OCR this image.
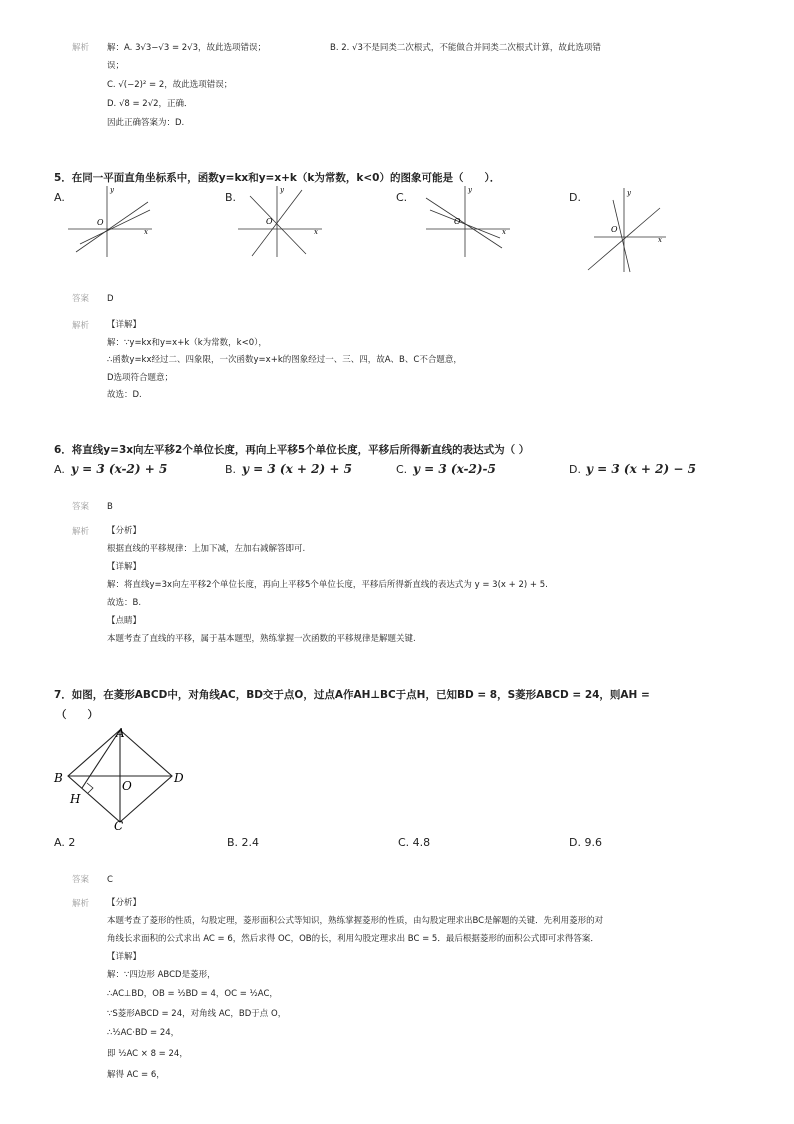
解析 解：A. 3√3−√3 = 2√3，故此选项错误；	B. 2. √3不是同类二次根式，不能做合并同类二次根式计算，故此选项错
误；
C. √(−2)² = 2，故此选项错误；
D. √8 = 2√2，正确．
因此正确答案为：D.
5．在同一平面直角坐标系中，函数y=kx和y=x+k（k为常数，k<0）的图象可能是（　　）．
A.	B.	C.	D.
x
y
O
x
y
O
x
y
O
x
y
O
答案 D
解析 【详解】
解：∵y=kx和y=x+k（k为常数，k<0），
∴函数y=kx经过二、四象限，一次函数y=x+k的图象经过一、三、四，故A、B、C不合题意，
D选项符合题意；
故选：D.
6．将直线y=3x向左平移2个单位长度，再向上平移5个单位长度，平移后所得新直线的表达式为（ ）
A. y = 3 (x-2) + 5	B. y = 3 (x + 2) + 5	C. y = 3 (x-2)-5	D. y = 3 (x + 2) − 5
答案 B
解析 【分析】
根据直线的平移规律：上加下减，左加右减解答即可.
【详解】
解：将直线y=3x向左平移2个单位长度，再向上平移5个单位长度，平移后所得新直线的表达式为 y = 3(x + 2) + 5.
故选：B.
【点睛】
本题考查了直线的平移，属于基本题型，熟练掌握一次函数的平移规律是解题关键.
7．如图，在菱形ABCD中，对角线AC，BD交于点O，过点A作AH⊥BC于点H，已知BD = 8，S菱形ABCD = 24，则AH =
（　　）
A
B	D
O
H
C
A. 2	B. 2.4	C. 4.8	D. 9.6
答案 C
解析 【分析】
本题考查了菱形的性质，勾股定理，菱形面积公式等知识，熟练掌握菱形的性质，由勾股定理求出BC是解题的关键．先利用菱形的对
角线长求面积的公式求出 AC = 6，然后求得 OC，OB的长，利用勾股定理求出 BC = 5．最后根据菱形的面积公式即可求得答案．
【详解】
解：∵四边形 ABCD是菱形，
∴AC⊥BD，OB = ½BD = 4，OC = ½AC，
∵S菱形ABCD = 24，对角线 AC，BD于点 O，
∴½AC·BD = 24，
即 ½AC × 8 = 24，
解得 AC = 6，
